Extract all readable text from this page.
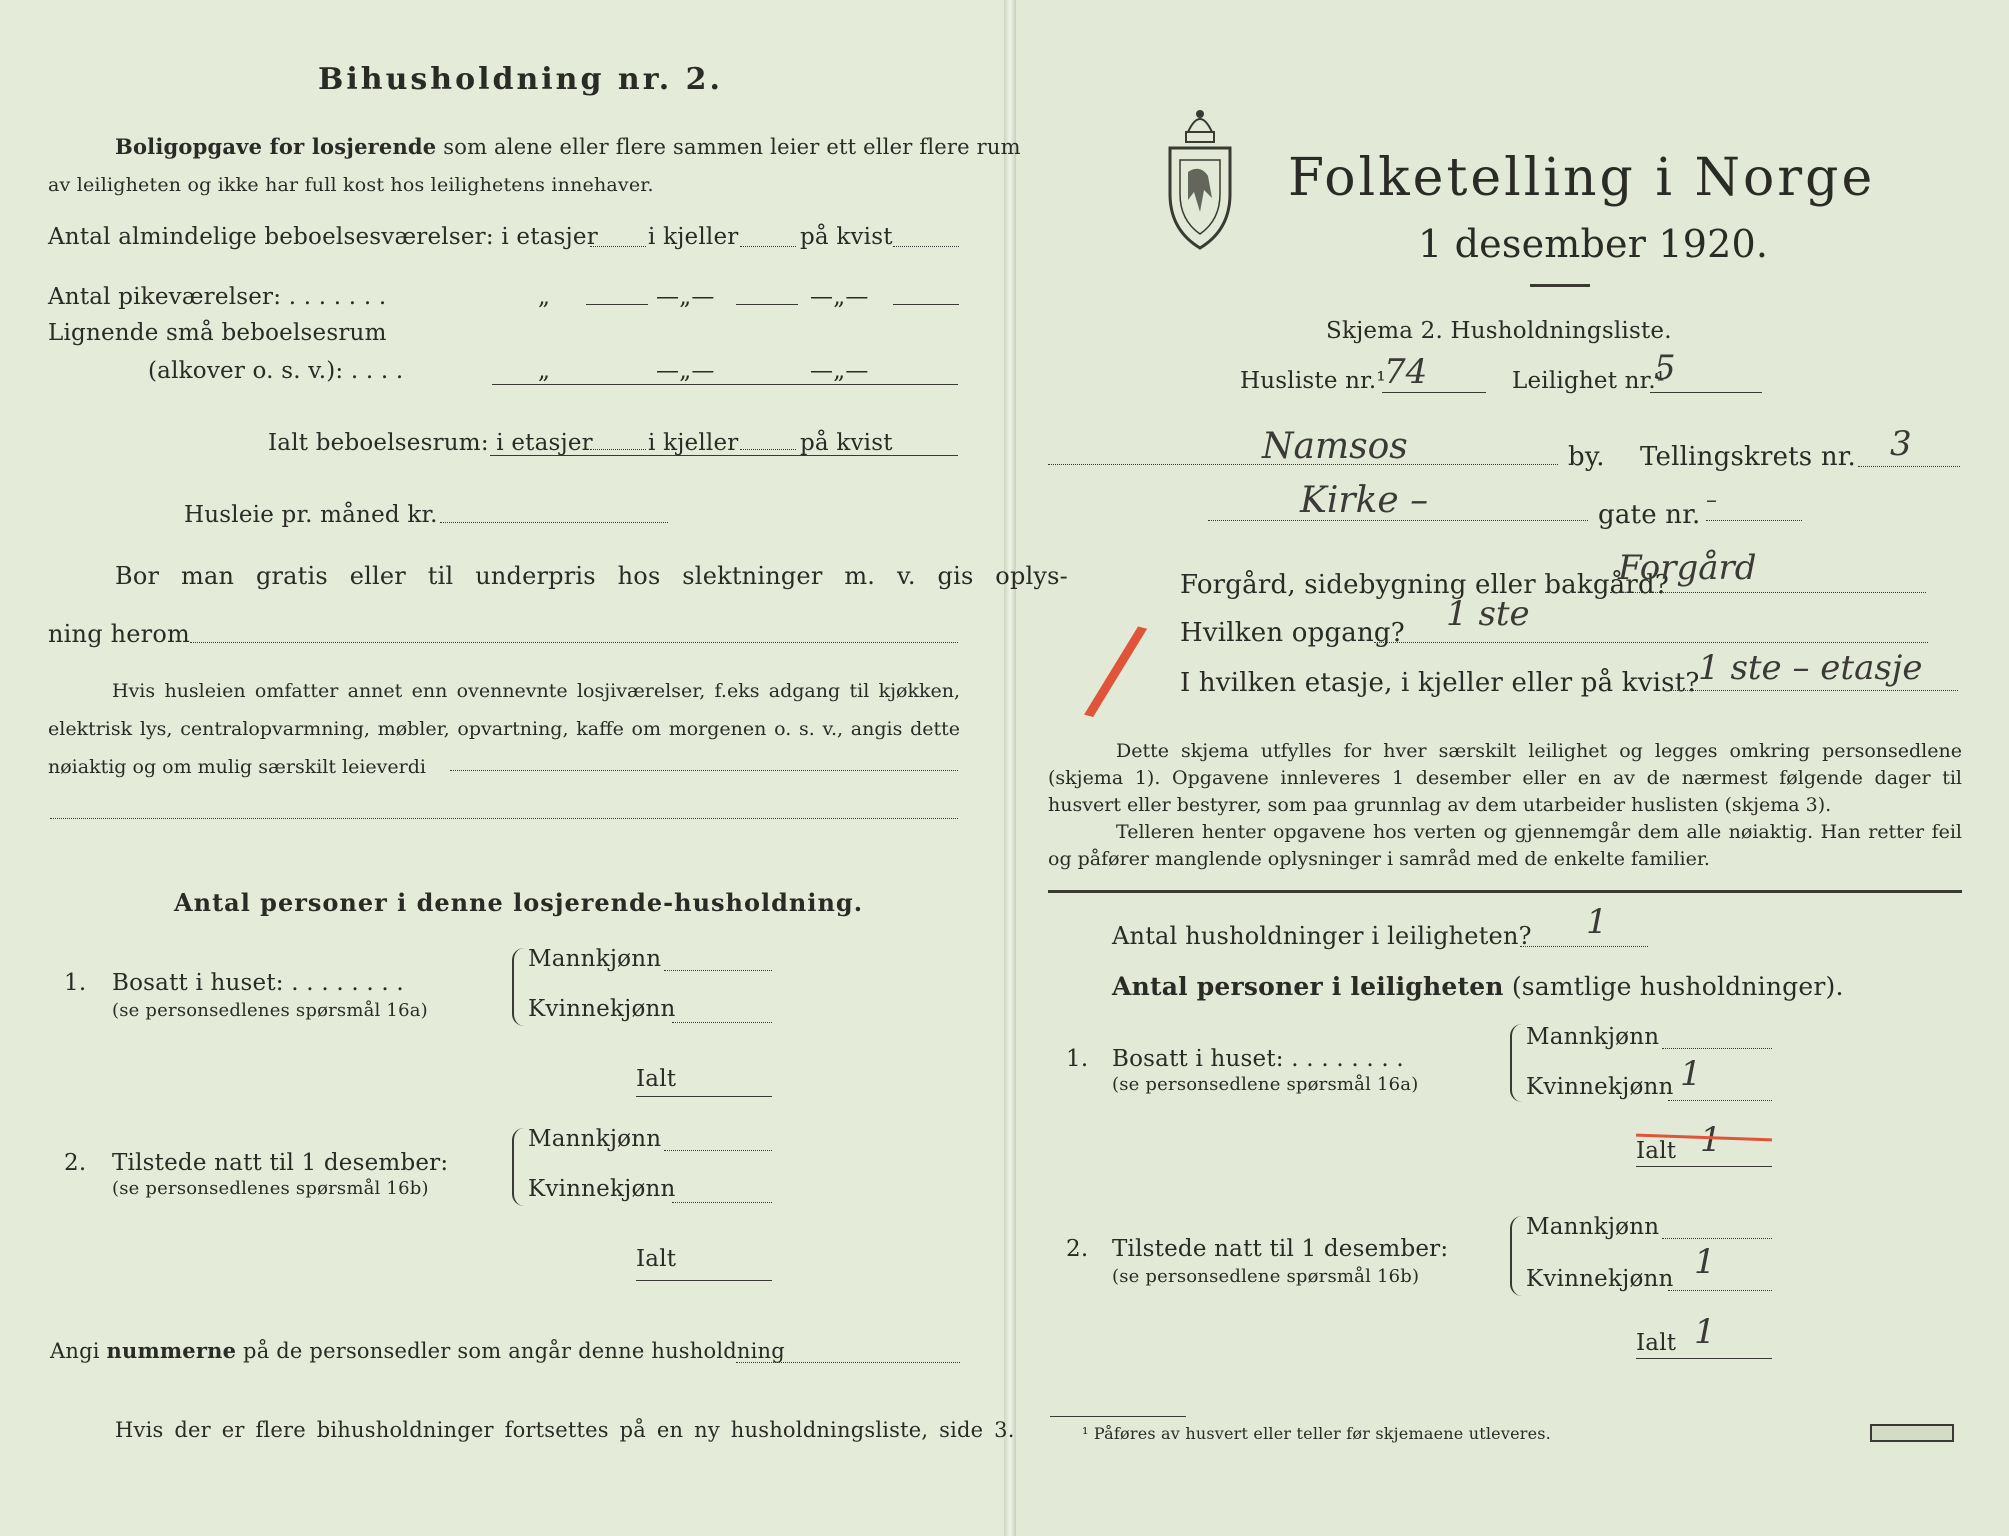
Bihusholdning nr. 2.
Boligopgave for losjerende som alene eller flere sammen leier ett eller flere rum
av leiligheten og ikke har full kost hos leilighetens innehaver.
Antal almindelige beboelsesværelser: i etasjer i kjeller	på kvist
Antal pikeværelser: . . . . . . .	„	—„—	—„—
Lignende små beboelsesrum
(alkover o. s. v.): . . . .	„	—„—	—„—
Ialt beboelsesrum: i etasjer i kjeller	på kvist
Husleie pr. måned kr.
Bor man gratis eller til underpris hos slektninger m. v. gis oplys-
ning herom
Hvis husleien omfatter annet enn ovennevnte losjiværelser, f.eks adgang til kjøkken, elektrisk lys, centralopvarmning, møbler, opvartning, kaffe om morgenen o. s. v., angis dette nøiaktig og om mulig særskilt leieverdi
Antal personer i denne losjerende-husholdning.
1. Bosatt i huset: . . . . . . . .
(se personsedlenes spørsmål 16a)
Mannkjønn
Kvinnekjønn
Ialt
2. Tilstede natt til 1 desember:
(se personsedlenes spørsmål 16b)
Mannkjønn
Kvinnekjønn
Ialt
Angi nummerne på de personsedler som angår denne husholdning
Hvis der er flere bihusholdninger fortsettes på en ny husholdningsliste, side 3.
Folketelling i Norge
1 desember 1920.
Skjema 2. Husholdningsliste.
Husliste nr.¹
74	Leilighet nr.¹
5
Namsos	by. Tellingskrets nr. 3
Kirke –	gate nr. –
/
Forgård, sidebygning eller bakgård?
Forgård
Hvilken opgang? 1 ste
I hvilken etasje, i kjeller eller på kvist?
1 ste – etasje
Dette skjema utfylles for hver særskilt leilighet og legges omkring personsedlene (skjema 1). Opgavene innleveres 1 desember eller en av de nærmest følgende dager til husvert eller bestyrer, som paa grunnlag av dem utarbeider huslisten (skjema 3).
Telleren henter opgavene hos verten og gjennemgår dem alle nøiaktig. Han retter feil og påfører manglende oplysninger i samråd med de enkelte familier.
Antal husholdninger i leiligheten? 1
Antal personer i leiligheten (samtlige husholdninger).
1. Bosatt i huset: . . . . . . . .
(se personsedlene spørsmål 16a)
Mannkjønn
Kvinnekjønn 1
Ialt 1
2. Tilstede natt til 1 desember:
(se personsedlene spørsmål 16b)
Mannkjønn
Kvinnekjønn 1
Ialt 1
¹ Påføres av husvert eller teller før skjemaene utleveres.
